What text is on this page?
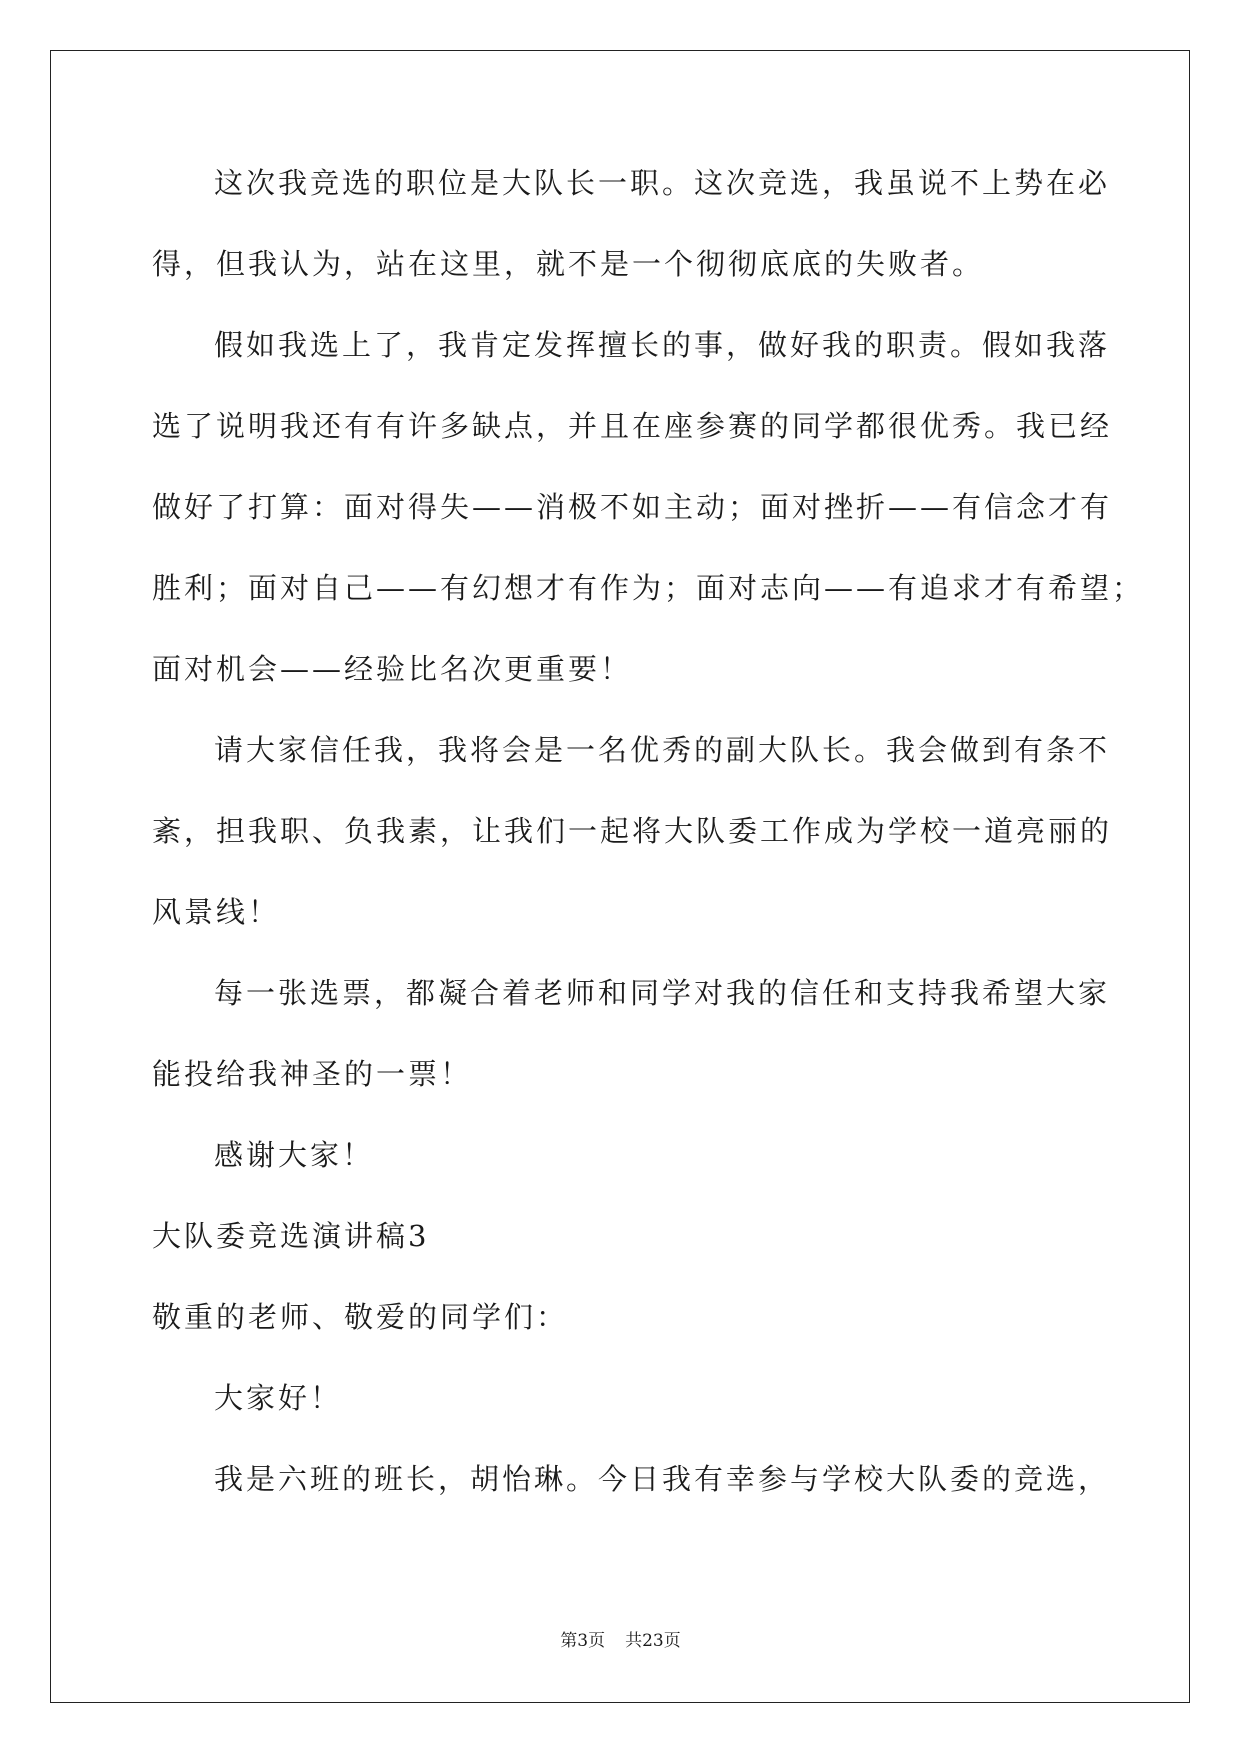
这次我竞选的职位是大队长一职。这次竞选，我虽说不上势在必
得，但我认为，站在这里，就不是一个彻彻底底的失败者。
假如我选上了，我肯定发挥擅长的事，做好我的职责。假如我落
选了说明我还有有许多缺点，并且在座参赛的同学都很优秀。我已经
做好了打算：面对得失——消极不如主动；面对挫折——有信念才有
胜利；面对自己——有幻想才有作为；面对志向——有追求才有希望；
面对机会——经验比名次更重要！
请大家信任我，我将会是一名优秀的副大队长。我会做到有条不
紊，担我职、负我素，让我们一起将大队委工作成为学校一道亮丽的
风景线！
每一张选票，都凝合着老师和同学对我的信任和支持我希望大家
能投给我神圣的一票！
感谢大家！
大队委竞选演讲稿3
敬重的老师、敬爱的同学们：
大家好！
我是六班的班长，胡怡琳。今日我有幸参与学校大队委的竞选，
第3页 共23页
